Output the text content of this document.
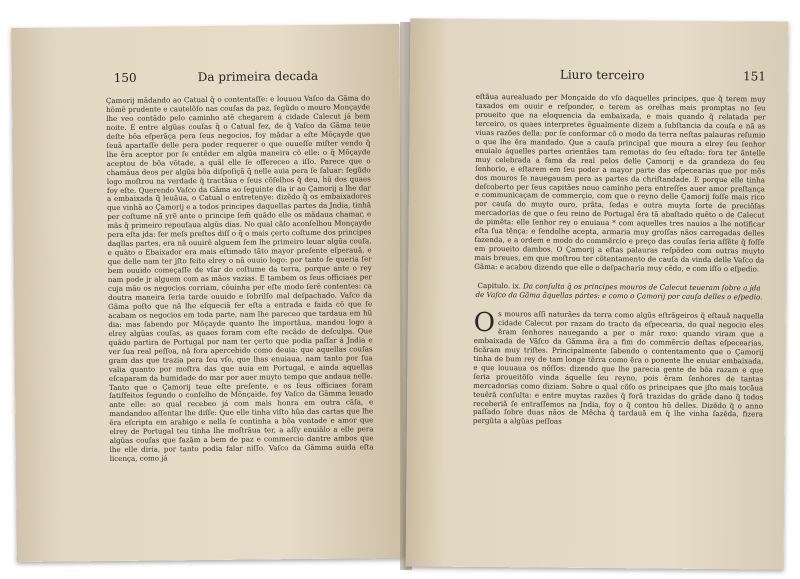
150	Da primeira decada
Çamorij mãdando ao Catual q̃ o contentaſſe: e louuou Vaſco da Gãma do hõmẽ prudente e cautelõſo nas couſas da paz, ſegũdo o mouro Monçayde lhe veo contãdo pelo caminho atẽ chegarem á cidade Calecut já bem noite. E entre algũas couſas q̃ o Catual fez, de q̃ Vaſco da Gãma teue deſte bõa eſperãça pera ſeus negocios, foy mãdar a eſte Mõçayde que ſeuã apartaſſe delle pera poder requerer o que ouueſſe miſter vendo q̃ lhe ẽra aceptor por ſe entẽder em algũa maneira cõ elle: o q̃ Mõçayde aceptou de bõa võtade, a quãl elle ſe offereceo a iſſo. Parece que o chamãua deos per algũa bõa diſpoſiçã q̃ nelle auia pera ſe ſaluar: ſegũdo logo moſtrou na verdade q̃ tractãua e ſeus cõſelhos q̃ deu, hũ dos quaes foy eſte. Querendo Vaſco da Gãma ao ſeguinte dia ir ao Çamorij a lhe dar a embaixada q̃ leuãua, o Catual o entretenye: dizẽdo q̃ os embaixadores que vinhã ao Çamorij e a todos principes daquellas partes da Jndia, tinhã per coſtume nã̃ yrẽ ante o principe ſem̃ quãdo elle os mãdaua chamar, e mãs q̃ primeiro repouſaua algũs dias. No qual cãſo aconſelhou Monçayde pera eſta jda: fer meſs preſtes diſſ o q̃ o mais çerto coſtume dos principes daqllas partes, era nã ouuirẽ alguem ſem lhe primeiro leuar algũa couſa, e quãto o Ebaixador era mais eſtimado tãto mayor preſente eſperauã, e que delle nam ter jſto feito elrey o nã ouuio logo: por tanto ſe queria ſer bem ouuido começaſſe de vſar do coſtume da terra, porque ante o rey nam pode jr alguem com as mãos vazias. E tambem os ſeus officiaes per cuja mão os negocios corriam, cõuinha per eſte modo ſerẽ contentes: ca doutra maneira ſeria tarde ouuido e ſobrilſo mal deſpachado. Vaſco da Gãma poſto que nã lhe eſqueciã fer eſta a entrada e faida cõ que ſe acabam os negocios em toda parte, nam lhe pareceo que tardaua em hũ dia: mas ſabendo por Mõçayde quanto lhe importãua, mandou logo a elrey algũas couſas, as quaes foram com eſte recãdo de deſculpa. Que quãdo partira de Portugal por nam ter çerto que podia paſſar á Jndia e ver ſua real peſſoa, nã fora apercebido como deuia: que aquellas couſas gram das que trazia pera ſeu vſo, que lhas enuiaua, nam tanto por ſua valia quanto por moſtra das que auia em Portugal, e ainda aquellas eſcaparam da humidade do mar por auer muyto tempo que andaua nelle. Tanto que o Çamorij teue eſte preſente, e os ſeus officiaes foram ſatiſfeitos ſegundo o conſelho de Mõnçaide, foy Vaſco da Gãmma leuado ante elle: ao qual recebeo já com mais honra em outra cãſa, e mandandoo aſſentar lhe diſſe: Que elle tinha viſto hũa das cartas que lhe ẽra eſcripta em arabigo e nella ſe continha a bõa vontade e amor que elrey de Portugal teu tinha lhe moſtrãua ter, a aſſy enuiãlo a elle pera algũas couſas que fazãm a bem de paz e commercio dantre ambos que lhe elle diria, por tanto podia falar niſſo. Vaſco da Gãmma auida eſta licença, como já
Liuro terceiro	151
eſtãua aurealuado per Monçaide do vſo daquelles principes, que q̃ terem muy taxados em ouuir e reſponder, e terem as orelhas mais promptas no ſeu proueito que na eloquencia da embaixada, e mais quando q̃ relatada per terceiro, os quaes interpretes ẽgualmente dizem a ſubſtancia da couſa e nã as viuas razões della: por ſe conformar cõ o modo da terra neſtas palauras reſumio o que lhe ẽra mandado. Que a cauſa principal que moura a elrey ſeu ſenhor enuialo áquelles partes orientães tam remotas do ſeu eſtado: fora ter ãntelle muy celebrada a fama da real pelos delle Çamorij e da grandeza do ſeu ſenhorio, e eſtarem em ſeu poder a mayor parte das eſpecearias que por mõs dos mouros ſe nauegauam pera as partes da chriſtandade. E porque elle tinha deſcoberto per ſeus capitães nouo caminho pera entreſſes auer amor preſtança e communicaçam de commerçio, com que o reyno delle Çamorij foſſe mais rico por cauſa do muyto ouro, prãta, ſedas e outra muyta ſorte de preciõſas mercadorias de que o ſeu reino de Portugal ẽra tã abaſtado quẽto o de Calecut de pimẽta: elle ſenhor rey o enuiaua * com aquelles tres nauios a lhe notificar eſta ſua tẽnça: e ſendolhe acepta, armaria muy groſſas nãos carregadas delles fazenda, e a ordem e modo do commẽrcio e preço das couſas ſeria aſſẽte q̃ foſſe em proueito dambos. O Çamorij a eſtas palauras reſpõdeo com outras muyto mais breues, em que moſtrou ter cõtentamento de cauſa da vinda delle Vaſco da Gãma: e acabou dizendo que elle o deſpacharia muy cẽdo, e com iſſo o eſpedio.
Capitulo. ix. Da conſulta q̃ os principes mouros de Calecut teueram ſobre a jda de Vaſco da Gãma ãquellas pártes: e como o Çamorij por cauſa delles o eſpedio.
O s mouros aſſi naturães da terra como algũs eſtrãgeiros q̃ eſtauã naquella cidade Calecut por razam do tracto da eſpecearia, do qual negocio eles ẽram ſenhores nauegando a per o már roxo: quando viram que a embaixada de Vãſco da Gãmma ẽra a fim do commẽrcio deſtas eſpecearias, ficãram muy triſtes. Principalmente ſabendo o contentamento que o Çamorij tinha de bum rey de tam longe tẽrra como ẽra o ponente lhe enuiar embaixada, e que louuaua os nõſſos: dizendo que lhe parecia gente de bõa razam e que ſeria proueitõſo vinda áquelle ſeu reyno, pois ẽram ſenhores de tantas mercadorias como diziam. Sobre o qual cõſo os principaes que jſto mais tocãua teuẽrã conſulta: e entre muytas razões q̃ forã trazidas do grãde dano q̃ todos receberiã ſe entraſſemos na Jndia, foy o q̃ contou hũ delles. Dizẽdo q̃ o anno paſſado ſobre duas nãos de Mẽcha q̃ tardauã em q̃ lhe vinha ſazẽda, fizera pergũta a algũas peſſoas
